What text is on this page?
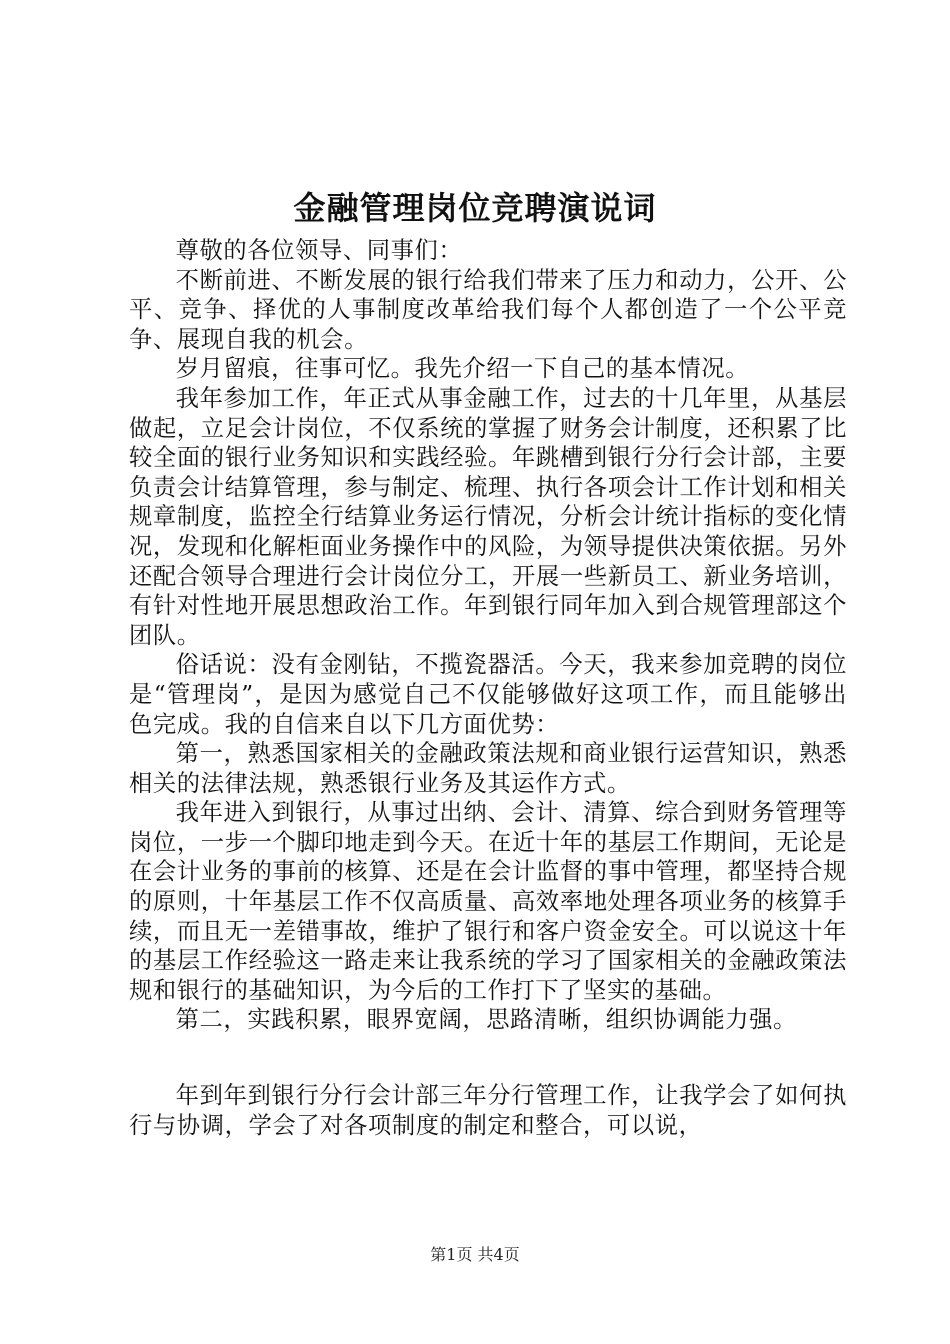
金融管理岗位竞聘演说词

尊敬的各位领导、同事们：

不断前进、不断发展的银行给我们带来了压力和动力，公开、公平、竞争、择优的人事制度改革给我们每个人都创造了一个公平竞争、展现自我的机会。

岁月留痕，往事可忆。我先介绍一下自己的基本情况。

我年参加工作，年正式从事金融工作，过去的十几年里，从基层做起，立足会计岗位，不仅系统的掌握了财务会计制度，还积累了比较全面的银行业务知识和实践经验。年跳槽到银行分行会计部，主要负责会计结算管理，参与制定、梳理、执行各项会计工作计划和相关规章制度，监控全行结算业务运行情况，分析会计统计指标的变化情况，发现和化解柜面业务操作中的风险，为领导提供决策依据。另外还配合领导合理进行会计岗位分工，开展一些新员工、新业务培训，有针对性地开展思想政治工作。年到银行同年加入到合规管理部这个团队。

俗话说：没有金刚钻，不揽瓷器活。今天，我来参加竞聘的岗位是“管理岗”，是因为感觉自己不仅能够做好这项工作，而且能够出色完成。我的自信来自以下几方面优势：

第一，熟悉国家相关的金融政策法规和商业银行运营知识，熟悉相关的法律法规，熟悉银行业务及其运作方式。

我年进入到银行，从事过出纳、会计、清算、综合到财务管理等岗位，一步一个脚印地走到今天。在近十年的基层工作期间，无论是在会计业务的事前的核算、还是在会计监督的事中管理，都坚持合规的原则，十年基层工作不仅高质量、高效率地处理各项业务的核算手续，而且无一差错事故，维护了银行和客户资金安全。可以说这十年的基层工作经验这一路走来让我系统的学习了国家相关的金融政策法规和银行的基础知识，为今后的工作打下了坚实的基础。

第二，实践积累，眼界宽阔，思路清晰，组织协调能力强。

年到年到银行分行会计部三年分行管理工作，让我学会了如何执行与协调，学会了对各项制度的制定和整合，可以说，

第1页 共4页
